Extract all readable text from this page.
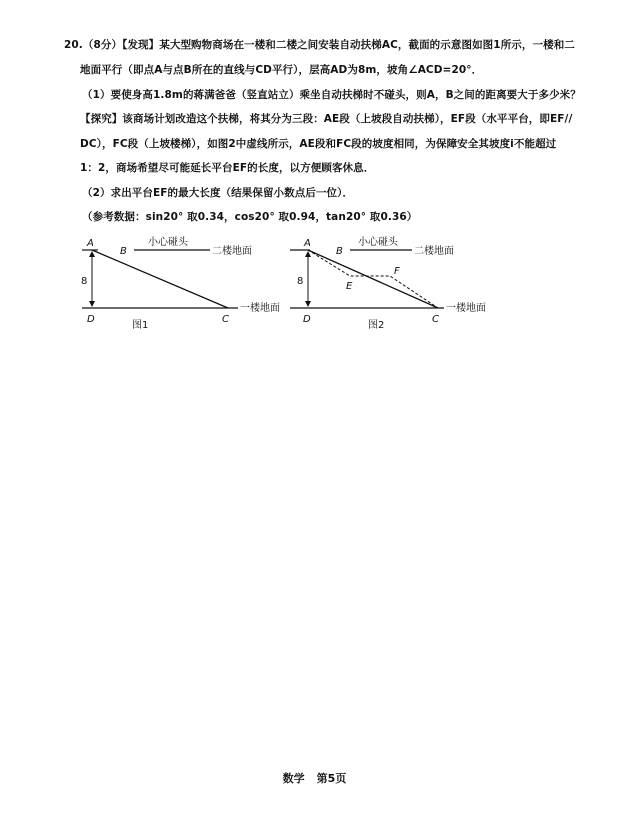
20.（8分）【发现】某大型购物商场在一楼和二楼之间安装自动扶梯AC，截面的示意图如图1所示，一楼和二
地面平行（即点A与点B所在的直线与CD平行），层高AD为8m，坡角∠ACD=20°．
（1）要使身高1.8m的蒋满爸爸（竖直站立）乘坐自动扶梯时不碰头，则A，B之间的距离要大于多少米？
【探究】该商场计划改造这个扶梯，将其分为三段：AE段（上坡段自动扶梯），EF段（水平平台，即EF//
DC），FC段（上坡楼梯），如图2中虚线所示，AE段和FC段的坡度相同，为保障安全其坡度i不能超过
1：2，商场希望尽可能延长平台EF的长度，以方便顾客休息．
（2）求出平台EF的最大长度（结果保留小数点后一位）．
（参考数据：sin20° 取0.34，cos20° 取0.94，tan20° 取0.36）
A
B
C
D
8
小心碰头
二楼地面
一楼地面
图1
A
B
C
D
E
F
8
小心碰头
二楼地面
一楼地面
图2
数学 第5页
